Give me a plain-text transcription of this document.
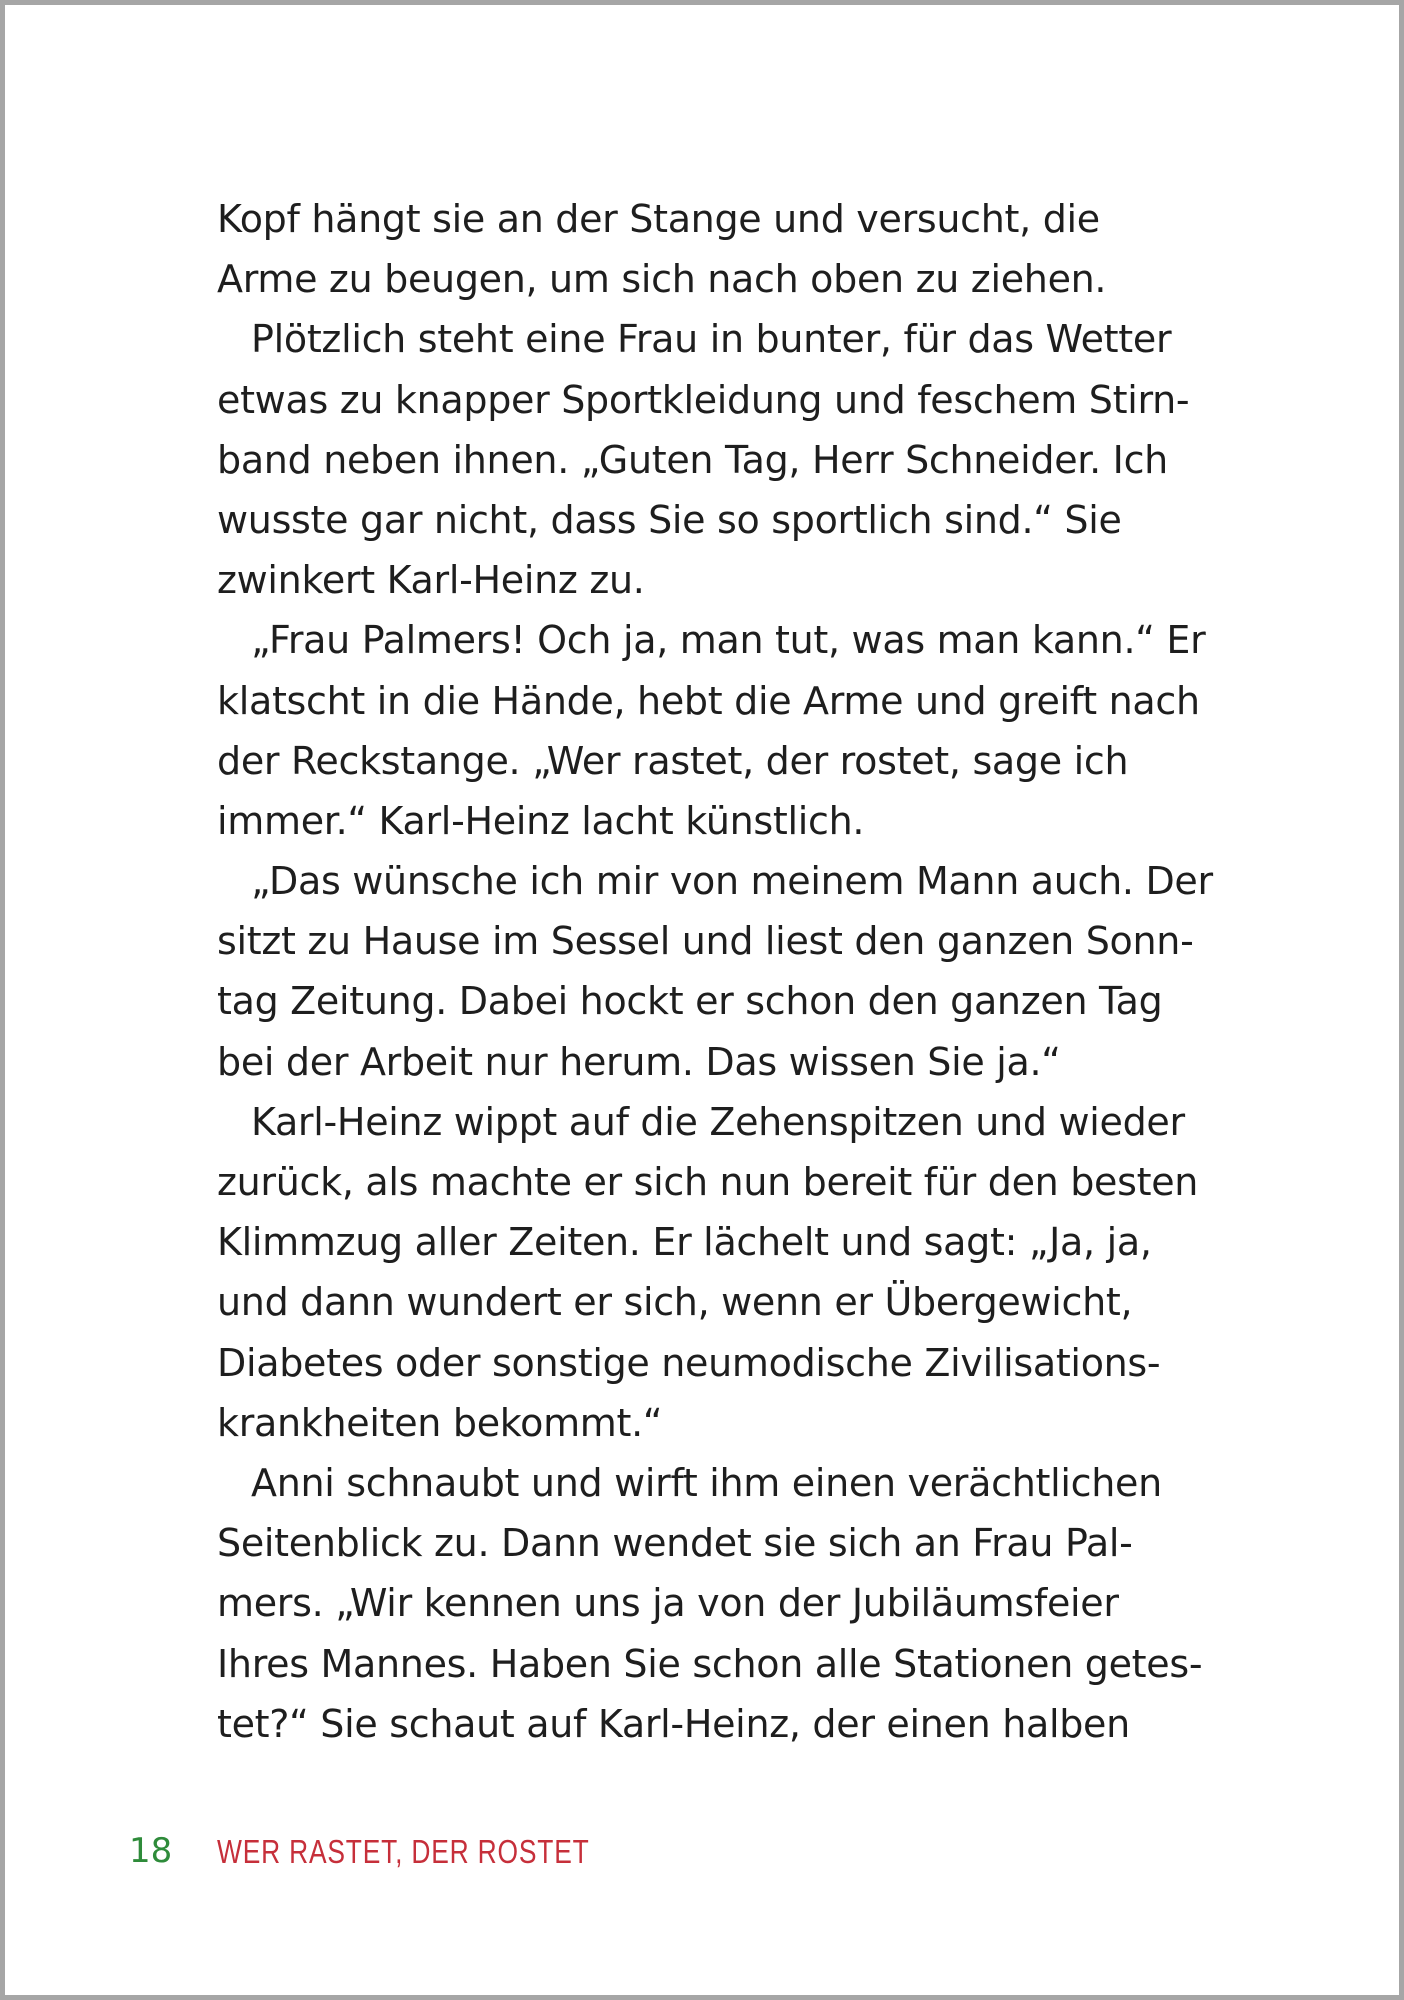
Kopf hängt sie an der Stange und versucht, die
Arme zu beugen, um sich nach oben zu ziehen.
Plötzlich steht eine Frau in bunter, für das Wetter
etwas zu knapper Sportkleidung und feschem Stirn-
band neben ihnen. „Guten Tag, Herr Schneider. Ich
wusste gar nicht, dass Sie so sportlich sind.“ Sie
zwinkert Karl-Heinz zu.
„Frau Palmers! Och ja, man tut, was man kann.“ Er
klatscht in die Hände, hebt die Arme und greift nach
der Reckstange. „Wer rastet, der rostet, sage ich
immer.“ Karl-Heinz lacht künstlich.
„Das wünsche ich mir von meinem Mann auch. Der
sitzt zu Hause im Sessel und liest den ganzen Sonn-
tag Zeitung. Dabei hockt er schon den ganzen Tag
bei der Arbeit nur herum. Das wissen Sie ja.“
Karl-Heinz wippt auf die Zehenspitzen und wieder
zurück, als machte er sich nun bereit für den besten
Klimmzug aller Zeiten. Er lächelt und sagt: „Ja, ja,
und dann wundert er sich, wenn er Übergewicht,
Diabetes oder sonstige neumodische Zivilisations-
krankheiten bekommt.“
Anni schnaubt und wirft ihm einen verächtlichen
Seitenblick zu. Dann wendet sie sich an Frau Pal-
mers. „Wir kennen uns ja von der Jubiläumsfeier
Ihres Mannes. Haben Sie schon alle Stationen getes-
tet?“ Sie schaut auf Karl-Heinz, der einen halben
18 WER RASTET, DER ROSTET
